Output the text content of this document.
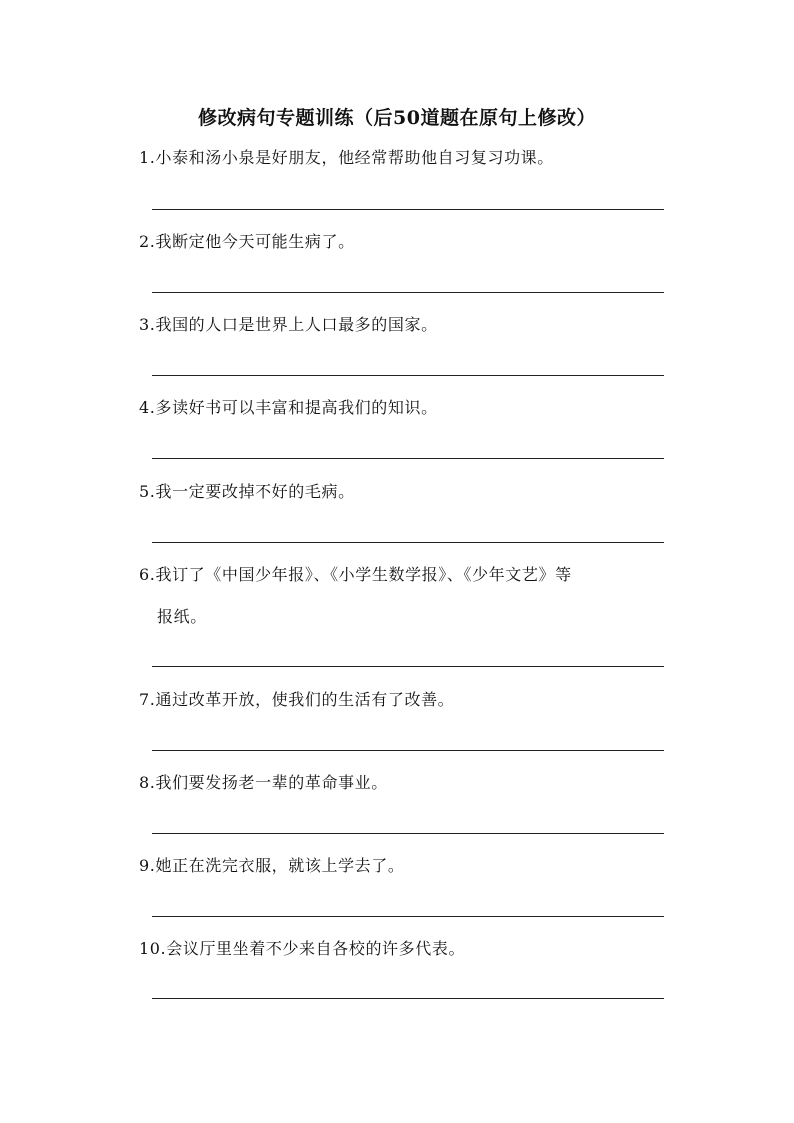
修改病句专题训练（后50道题在原句上修改）
1.小泰和汤小泉是好朋友，他经常帮助他自习复习功课。
2.我断定他今天可能生病了。
3.我国的人口是世界上人口最多的国家。
4.多读好书可以丰富和提高我们的知识。
5.我一定要改掉不好的毛病。
6.我订了《中国少年报》、《小学生数学报》、《少年文艺》等
报纸。
7.通过改革开放，使我们的生活有了改善。
8.我们要发扬老一辈的革命事业。
9.她正在洗完衣服，就该上学去了。
10.会议厅里坐着不少来自各校的许多代表。
